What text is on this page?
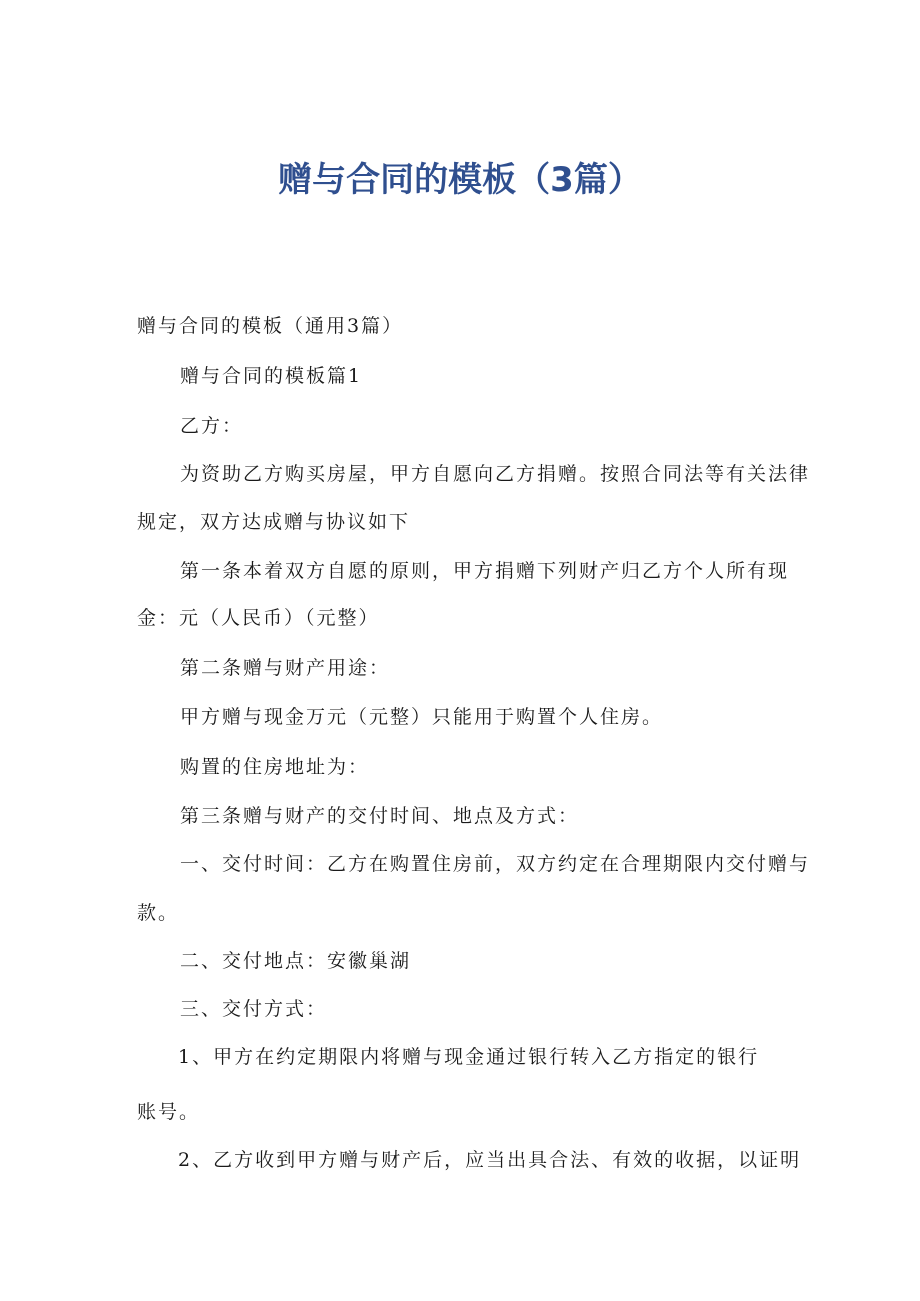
赠与合同的模板（3篇）
赠与合同的模板（通用3篇）
赠与合同的模板篇1
乙方：
为资助乙方购买房屋，甲方自愿向乙方捐赠。按照合同法等有关法律
规定，双方达成赠与协议如下
第一条本着双方自愿的原则，甲方捐赠下列财产归乙方个人所有现
金：元（人民币）（元整）
第二条赠与财产用途：
甲方赠与现金万元（元整）只能用于购置个人住房。
购置的住房地址为：
第三条赠与财产的交付时间、地点及方式：
一、交付时间：乙方在购置住房前，双方约定在合理期限内交付赠与
款。
二、交付地点：安徽巢湖
三、交付方式：
1、甲方在约定期限内将赠与现金通过银行转入乙方指定的银行
账号。
2、乙方收到甲方赠与财产后，应当出具合法、有效的收据，以证明
